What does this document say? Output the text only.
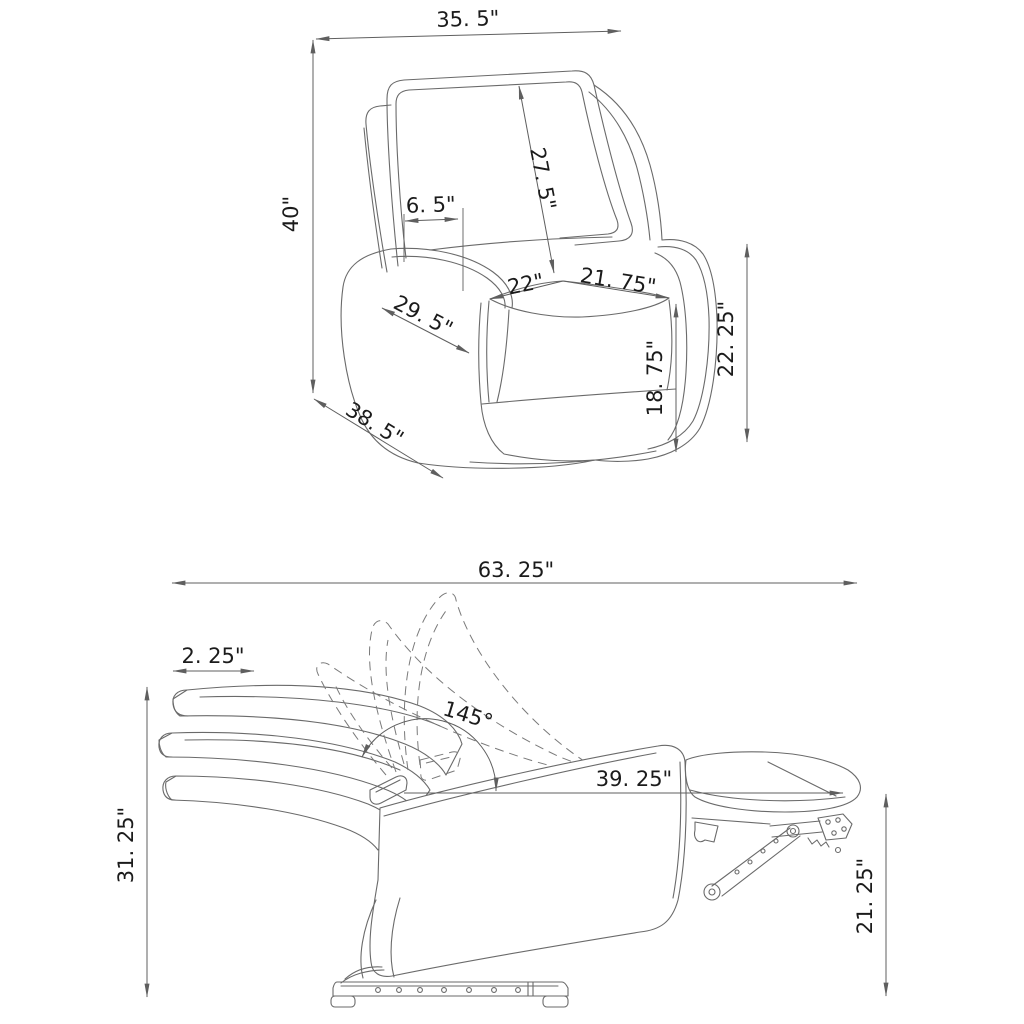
35. 5"
40"
27. 5"
6. 5"
22" 21. 75"
29. 5"
18. 75"
22. 25"
38. 5"
63. 25"
2. 25"
145°
39. 25"
31. 25"
21. 25"
